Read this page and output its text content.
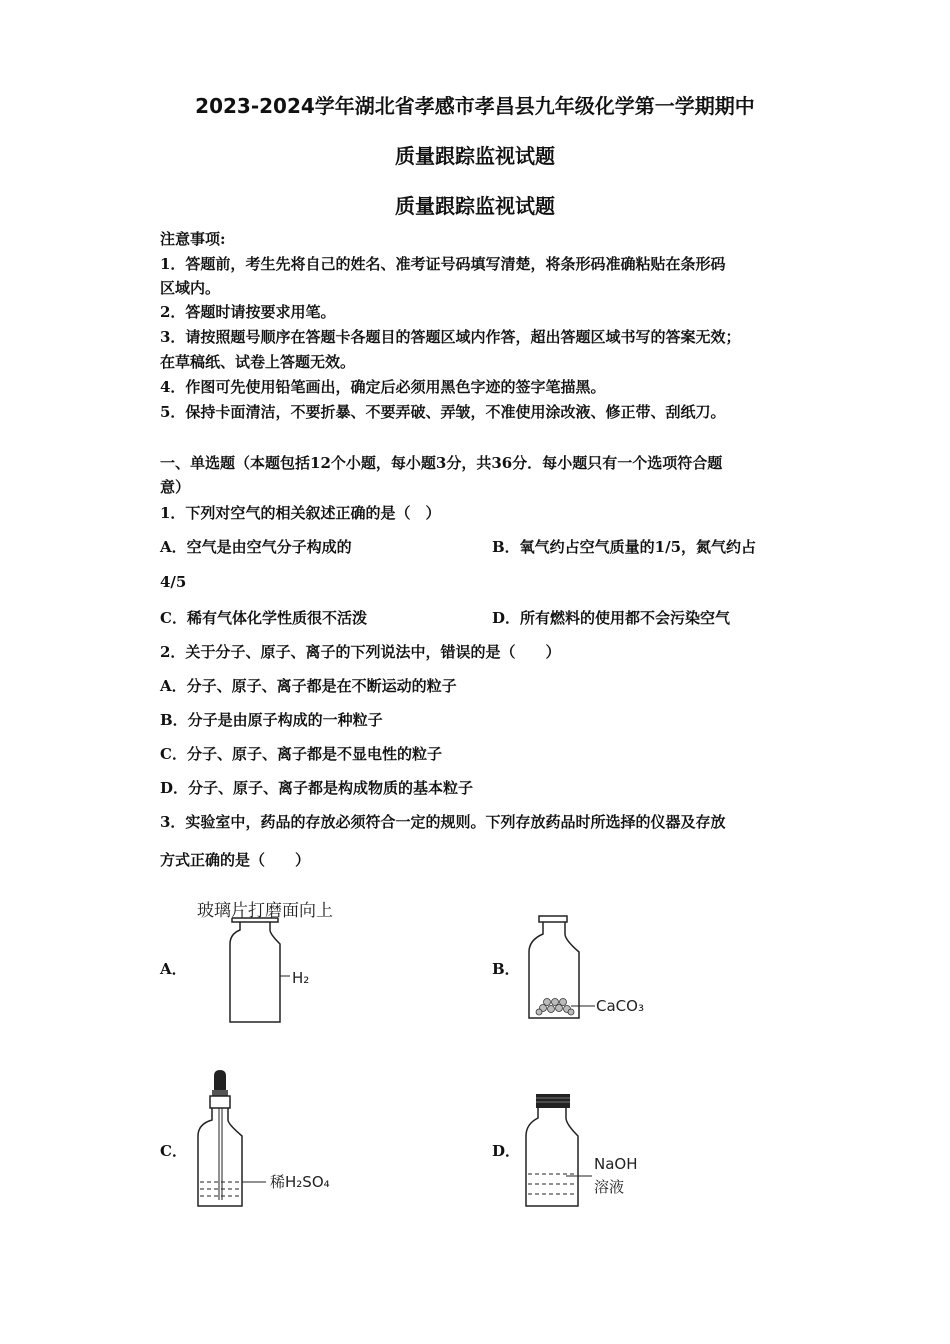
2023-2024学年湖北省孝感市孝昌县九年级化学第一学期期中
质量跟踪监视试题
质量跟踪监视试题
注意事项:
1．答题前，考生先将自己的姓名、准考证号码填写清楚，将条形码准确粘贴在条形码
区域内。
2．答题时请按要求用笔。
3．请按照题号顺序在答题卡各题目的答题区域内作答，超出答题区域书写的答案无效；
在草稿纸、试卷上答题无效。
4．作图可先使用铅笔画出，确定后必须用黑色字迹的签字笔描黑。
5．保持卡面清洁，不要折暴、不要弄破、弄皱，不准使用涂改液、修正带、刮纸刀。
一、单选题（本题包括12个小题，每小题3分，共36分．每小题只有一个选项符合题
意）
1．下列对空气的相关叙述正确的是（　）
A．空气是由空气分子构成的	B．氧气约占空气质量的1/5，氮气约占
4/5
C．稀有气体化学性质很不活泼	D．所有燃料的使用都不会污染空气
2．关于分子、原子、离子的下列说法中，错误的是（　　）
A．分子、原子、离子都是在不断运动的粒子
B．分子是由原子构成的一种粒子
C．分子、原子、离子都是不显电性的粒子
D．分子、原子、离子都是构成物质的基本粒子
3．实验室中，药品的存放必须符合一定的规则。下列存放药品时所选择的仪器及存放
方式正确的是（　　）
A．
玻璃片打磨面向上
H₂	B．
CaCO₃
C．
稀H₂SO₄
D．
NaOH
溶液
